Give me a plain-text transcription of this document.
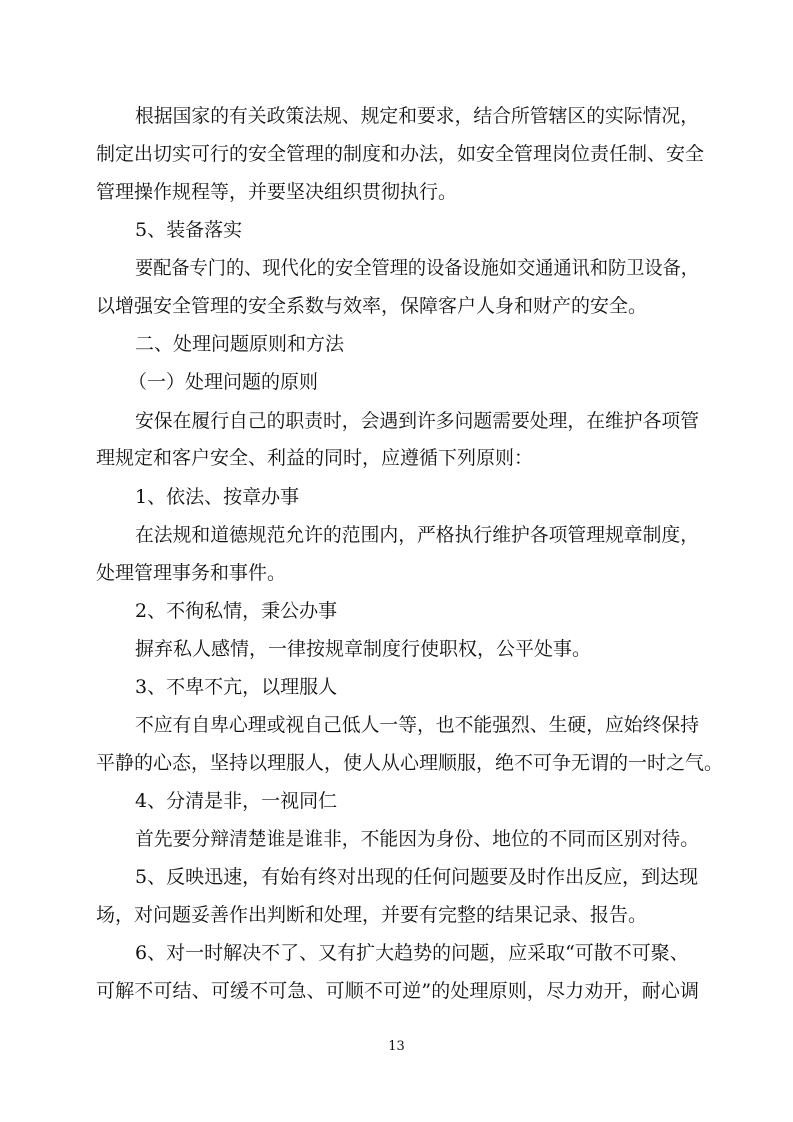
根据国家的有关政策法规、规定和要求，结合所管辖区的实际情况，

制定出切实可行的安全管理的制度和办法，如安全管理岗位责任制、安全

管理操作规程等，并要坚决组织贯彻执行。

5、装备落实

要配备专门的、现代化的安全管理的设备设施如交通通讯和防卫设备，

以增强安全管理的安全系数与效率，保障客户人身和财产的安全。

二、处理问题原则和方法

（一）处理问题的原则

安保在履行自己的职责时，会遇到许多问题需要处理，在维护各项管

理规定和客户安全、利益的同时，应遵循下列原则：

1、依法、按章办事

在法规和道德规范允许的范围内，严格执行维护各项管理规章制度，

处理管理事务和事件。

2、不徇私情，秉公办事

摒弃私人感情，一律按规章制度行使职权，公平处事。

3、不卑不亢，以理服人

不应有自卑心理或视自己低人一等，也不能强烈、生硬，应始终保持

平静的心态，坚持以理服人，使人从心理顺服，绝不可争无谓的一时之气。

4、分清是非，一视同仁

首先要分辩清楚谁是谁非，不能因为身份、地位的不同而区别对待。

5、反映迅速，有始有终对出现的任何问题要及时作出反应，到达现

场，对问题妥善作出判断和处理，并要有完整的结果记录、报告。

6、对一时解决不了、又有扩大趋势的问题，应采取“可散不可聚、

可解不可结、可缓不可急、可顺不可逆”的处理原则，尽力劝开，耐心调

13
